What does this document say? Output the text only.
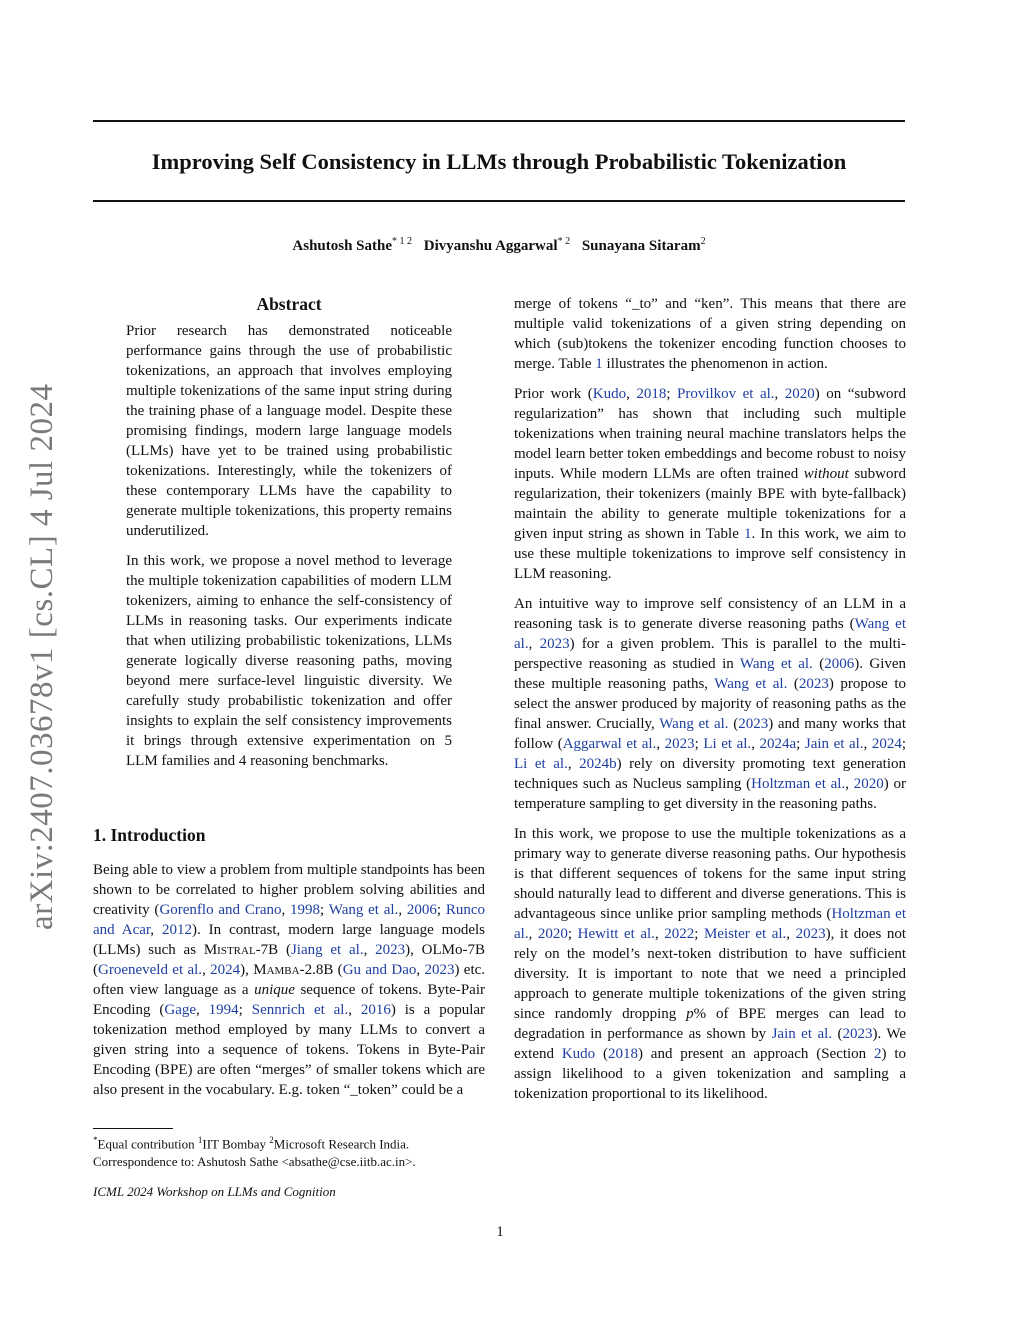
arXiv:2407.03678v1 [cs.CL] 4 Jul 2024
Improving Self Consistency in LLMs through Probabilistic Tokenization
Ashutosh Sathe$^{* 1 2}$ Divyanshu Aggarwal$^{* 2}$ Sunayana Sitaram$^2$
Abstract

Prior research has demonstrated noticeable performance gains through the use of probabilistic tokenizations, an approach that involves employing multiple tokenizations of the same input string during the training phase of a language model. Despite these promising findings, modern large language models (LLMs) have yet to be trained using probabilistic tokenizations. Interestingly, while the tokenizers of these contemporary LLMs have the capability to generate multiple tokenizations, this property remains underutilized.

In this work, we propose a novel method to leverage the multiple tokenization capabilities of modern LLM tokenizers, aiming to enhance the self-consistency of LLMs in reasoning tasks. Our experiments indicate that when utilizing probabilistic tokenizations, LLMs generate logically diverse reasoning paths, moving beyond mere surface-level linguistic diversity. We carefully study probabilistic tokenization and offer insights to explain the self consistency improvements it brings through extensive experimentation on 5 LLM families and 4 reasoning benchmarks.

1. Introduction

Being able to view a problem from multiple standpoints has been shown to be correlated to higher problem solving abilities and creativity (Gorenflo and Crano, 1998; Wang et al., 2006; Runco and Acar, 2012). In contrast, modern large language models (LLMs) such as Mistral-7B (Jiang et al., 2023), OLMo-7B (Groeneveld et al., 2024), Mamba-2.8B (Gu and Dao, 2023) etc. often view language as a unique sequence of tokens. Byte-Pair Encoding (Gage, 1994; Sennrich et al., 2016) is a popular tokenization method employed by many LLMs to convert a given string into a sequence of tokens. Tokens in Byte-Pair Encoding (BPE) are often “merges” of smaller tokens which are also present in the vocabulary. E.g. token “_token” could be a

merge of tokens “_to” and “ken”. This means that there are multiple valid tokenizations of a given string depending on which (sub)tokens the tokenizer encoding function chooses to merge. Table 1 illustrates the phenomenon in action.

Prior work (Kudo, 2018; Provilkov et al., 2020) on “subword regularization” has shown that including such multiple tokenizations when training neural machine translators helps the model learn better token embeddings and become robust to noisy inputs. While modern LLMs are often trained without subword regularization, their tokenizers (mainly BPE with byte-fallback) maintain the ability to generate multiple tokenizations for a given input string as shown in Table 1. In this work, we aim to use these multiple tokenizations to improve self consistency in LLM reasoning.

An intuitive way to improve self consistency of an LLM in a reasoning task is to generate diverse reasoning paths (Wang et al., 2023) for a given problem. This is parallel to the multi-perspective reasoning as studied in Wang et al. (2006). Given these multiple reasoning paths, Wang et al. (2023) propose to select the answer produced by majority of reasoning paths as the final answer. Crucially, Wang et al. (2023) and many works that follow (Aggarwal et al., 2023; Li et al., 2024a; Jain et al., 2024; Li et al., 2024b) rely on diversity promoting text generation techniques such as Nucleus sampling (Holtzman et al., 2020) or temperature sampling to get diversity in the reasoning paths.

In this work, we propose to use the multiple tokenizations as a primary way to generate diverse reasoning paths. Our hypothesis is that different sequences of tokens for the same input string should naturally lead to different and diverse generations. This is advantageous since unlike prior sampling methods (Holtzman et al., 2020; Hewitt et al., 2022; Meister et al., 2023), it does not rely on the model’s next-token distribution to have sufficient diversity. It is important to note that we need a principled approach to generate multiple tokenizations of the given string since randomly dropping p% of BPE merges can lead to degradation in performance as shown by Jain et al. (2023). We extend Kudo (2018) and present an approach (Section 2) to assign likelihood to a given tokenization and sampling a tokenization proportional to its likelihood.

*Equal contribution $^1$IIT Bombay $^2$Microsoft Research India. Correspondence to: Ashutosh Sathe <absathe@cse.iitb.ac.in>.
ICML 2024 Workshop on LLMs and Cognition
1
